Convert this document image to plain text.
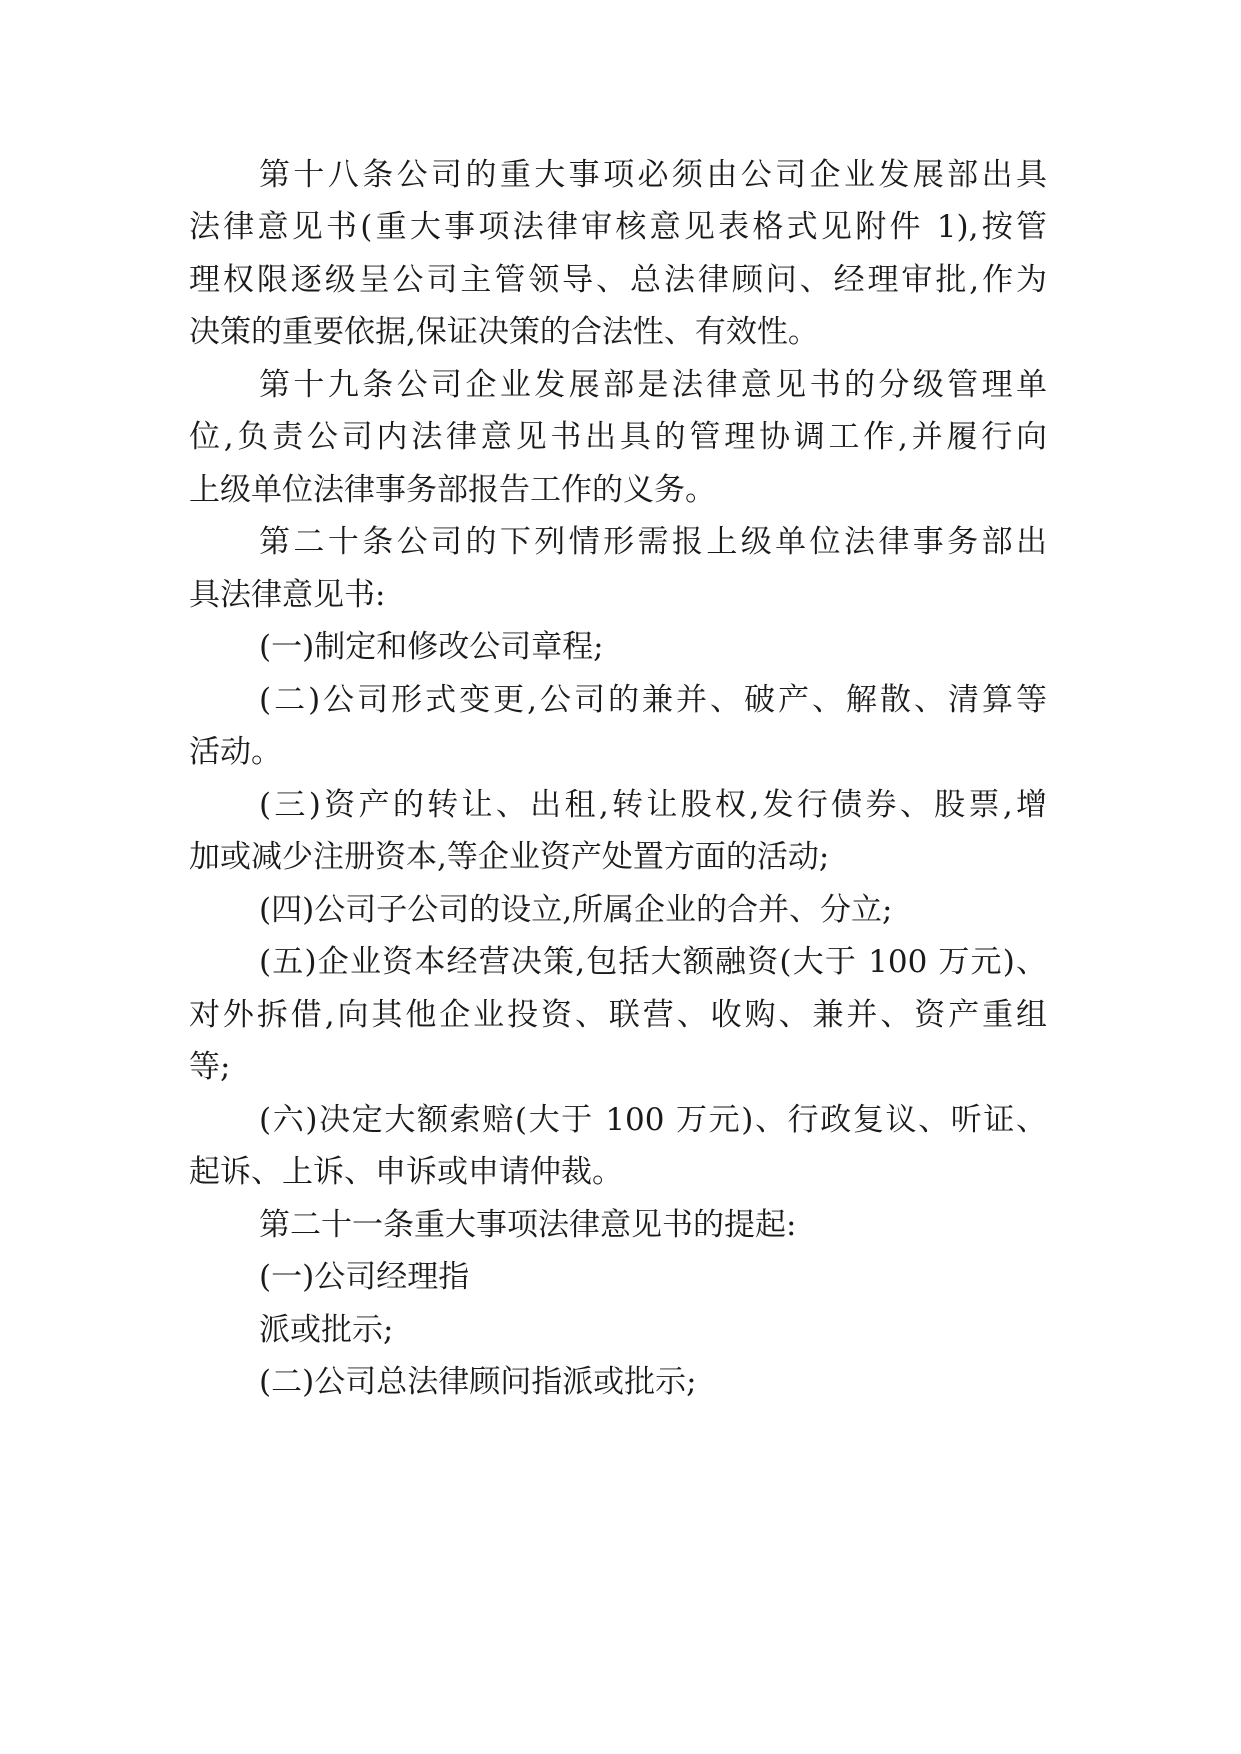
第十八条公司的重大事项必须由公司企业发展部出具
法律意见书(重大事项法律审核意见表格式见附件 1),按管
理权限逐级呈公司主管领导、总法律顾问、经理审批,作为
决策的重要依据,保证决策的合法性、有效性。
第十九条公司企业发展部是法律意见书的分级管理单
位,负责公司内法律意见书出具的管理协调工作,并履行向
上级单位法律事务部报告工作的义务。
第二十条公司的下列情形需报上级单位法律事务部出
具法律意见书:
(一)制定和修改公司章程;
(二)公司形式变更,公司的兼并、破产、解散、清算等
活动。
(三)资产的转让、出租,转让股权,发行债券、股票,增
加或减少注册资本,等企业资产处置方面的活动;
(四)公司子公司的设立,所属企业的合并、分立;
(五)企业资本经营决策,包括大额融资(大于 100 万元)、
对外拆借,向其他企业投资、联营、收购、兼并、资产重组
等;
(六)决定大额索赔(大于 100 万元)、行政复议、听证、
起诉、上诉、申诉或申请仲裁。
第二十一条重大事项法律意见书的提起:
(一)公司经理指
派或批示;
(二)公司总法律顾问指派或批示;
